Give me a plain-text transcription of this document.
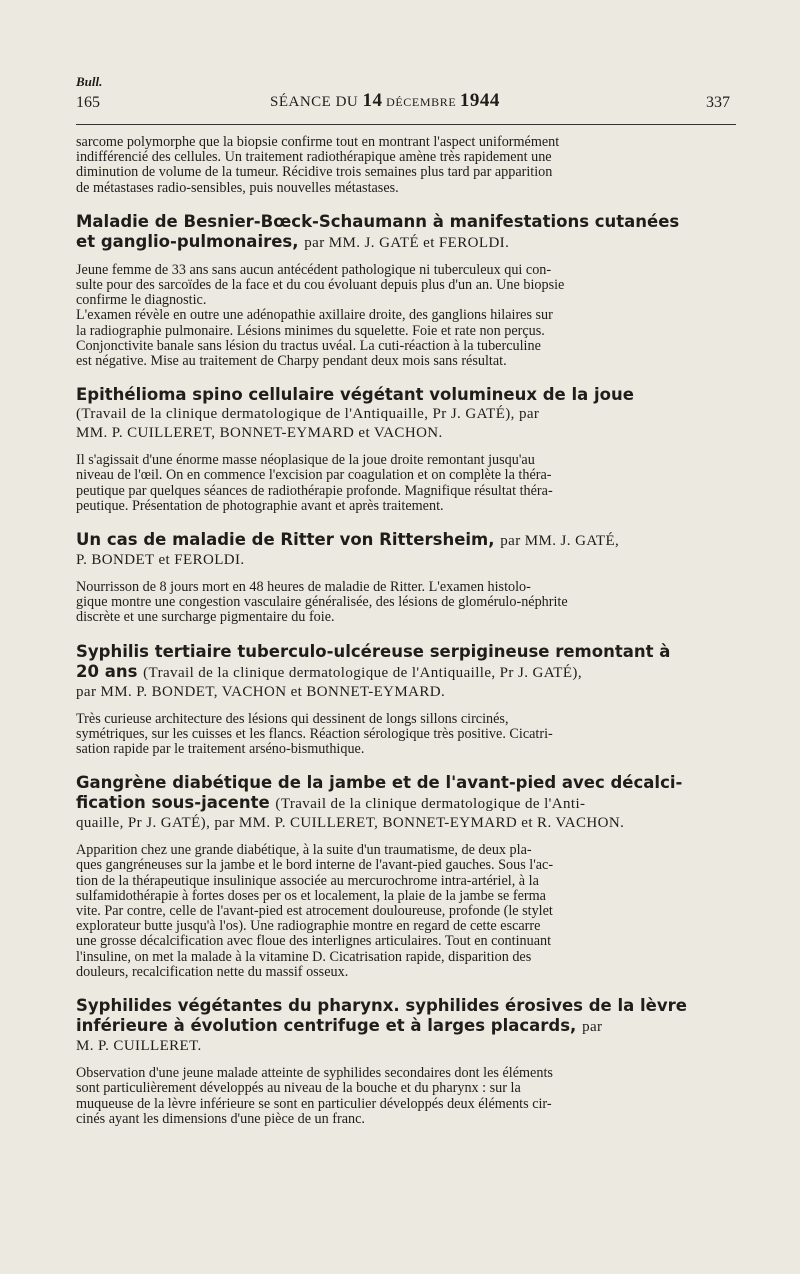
Bull.
165	SÉANCE DU 14 DÉCEMBRE 1944	337

sarcome polymorphe que la biopsie confirme tout en montrant l'aspect uniformément

indifférencié des cellules. Un traitement radiothérapique amène très rapidement une

diminution de volume de la tumeur. Récidive trois semaines plus tard par apparition

de métastases radio-sensibles, puis nouvelles métastases.

Maladie de Besnier-Bœck-Schaumann à manifestations cutanées

et ganglio-pulmonaires, par MM. J. GATÉ et FEROLDI.

Jeune femme de 33 ans sans aucun antécédent pathologique ni tuberculeux qui con-

sulte pour des sarcoïdes de la face et du cou évoluant depuis plus d'un an. Une biopsie

confirme le diagnostic.

L'examen révèle en outre une adénopathie axillaire droite, des ganglions hilaires sur

la radiographie pulmonaire. Lésions minimes du squelette. Foie et rate non perçus.

Conjonctivite banale sans lésion du tractus uvéal. La cuti-réaction à la tuberculine

est négative. Mise au traitement de Charpy pendant deux mois sans résultat.

Epithélioma spino cellulaire végétant volumineux de la joue

(Travail de la clinique dermatologique de l'Antiquaille, Pr J. GATÉ), par

MM. P. CUILLERET, BONNET-EYMARD et VACHON.

Il s'agissait d'une énorme masse néoplasique de la joue droite remontant jusqu'au

niveau de l'œil. On en commence l'excision par coagulation et on complète la théra-

peutique par quelques séances de radiothérapie profonde. Magnifique résultat théra-

peutique. Présentation de photographie avant et après traitement.

Un cas de maladie de Ritter von Rittersheim, par MM. J. GATÉ,

P. BONDET et FEROLDI.

Nourrisson de 8 jours mort en 48 heures de maladie de Ritter. L'examen histolo-

gique montre une congestion vasculaire généralisée, des lésions de glomérulo-néphrite

discrète et une surcharge pigmentaire du foie.

Syphilis tertiaire tuberculo-ulcéreuse serpigineuse remontant à

20 ans (Travail de la clinique dermatologique de l'Antiquaille, Pr J. GATÉ),

par MM. P. BONDET, VACHON et BONNET-EYMARD.

Très curieuse architecture des lésions qui dessinent de longs sillons circinés,

symétriques, sur les cuisses et les flancs. Réaction sérologique très positive. Cicatri-

sation rapide par le traitement arséno-bismuthique.

Gangrène diabétique de la jambe et de l'avant-pied avec décalci-

fication sous-jacente (Travail de la clinique dermatologique de l'Anti-

quaille, Pr J. GATÉ), par MM. P. CUILLERET, BONNET-EYMARD et R. VACHON.

Apparition chez une grande diabétique, à la suite d'un traumatisme, de deux pla-

ques gangréneuses sur la jambe et le bord interne de l'avant-pied gauches. Sous l'ac-

tion de la thérapeutique insulinique associée au mercurochrome intra-artériel, à la

sulfamidothérapie à fortes doses per os et localement, la plaie de la jambe se ferma

vite. Par contre, celle de l'avant-pied est atrocement douloureuse, profonde (le stylet

explorateur butte jusqu'à l'os). Une radiographie montre en regard de cette escarre

une grosse décalcification avec floue des interlignes articulaires. Tout en continuant

l'insuline, on met la malade à la vitamine D. Cicatrisation rapide, disparition des

douleurs, recalcification nette du massif osseux.

Syphilides végétantes du pharynx. syphilides érosives de la lèvre

inférieure à évolution centrifuge et à larges placards, par

M. P. CUILLERET.

Observation d'une jeune malade atteinte de syphilides secondaires dont les éléments

sont particulièrement développés au niveau de la bouche et du pharynx : sur la

muqueuse de la lèvre inférieure se sont en particulier développés deux éléments cir-

cinés ayant les dimensions d'une pièce de un franc.
